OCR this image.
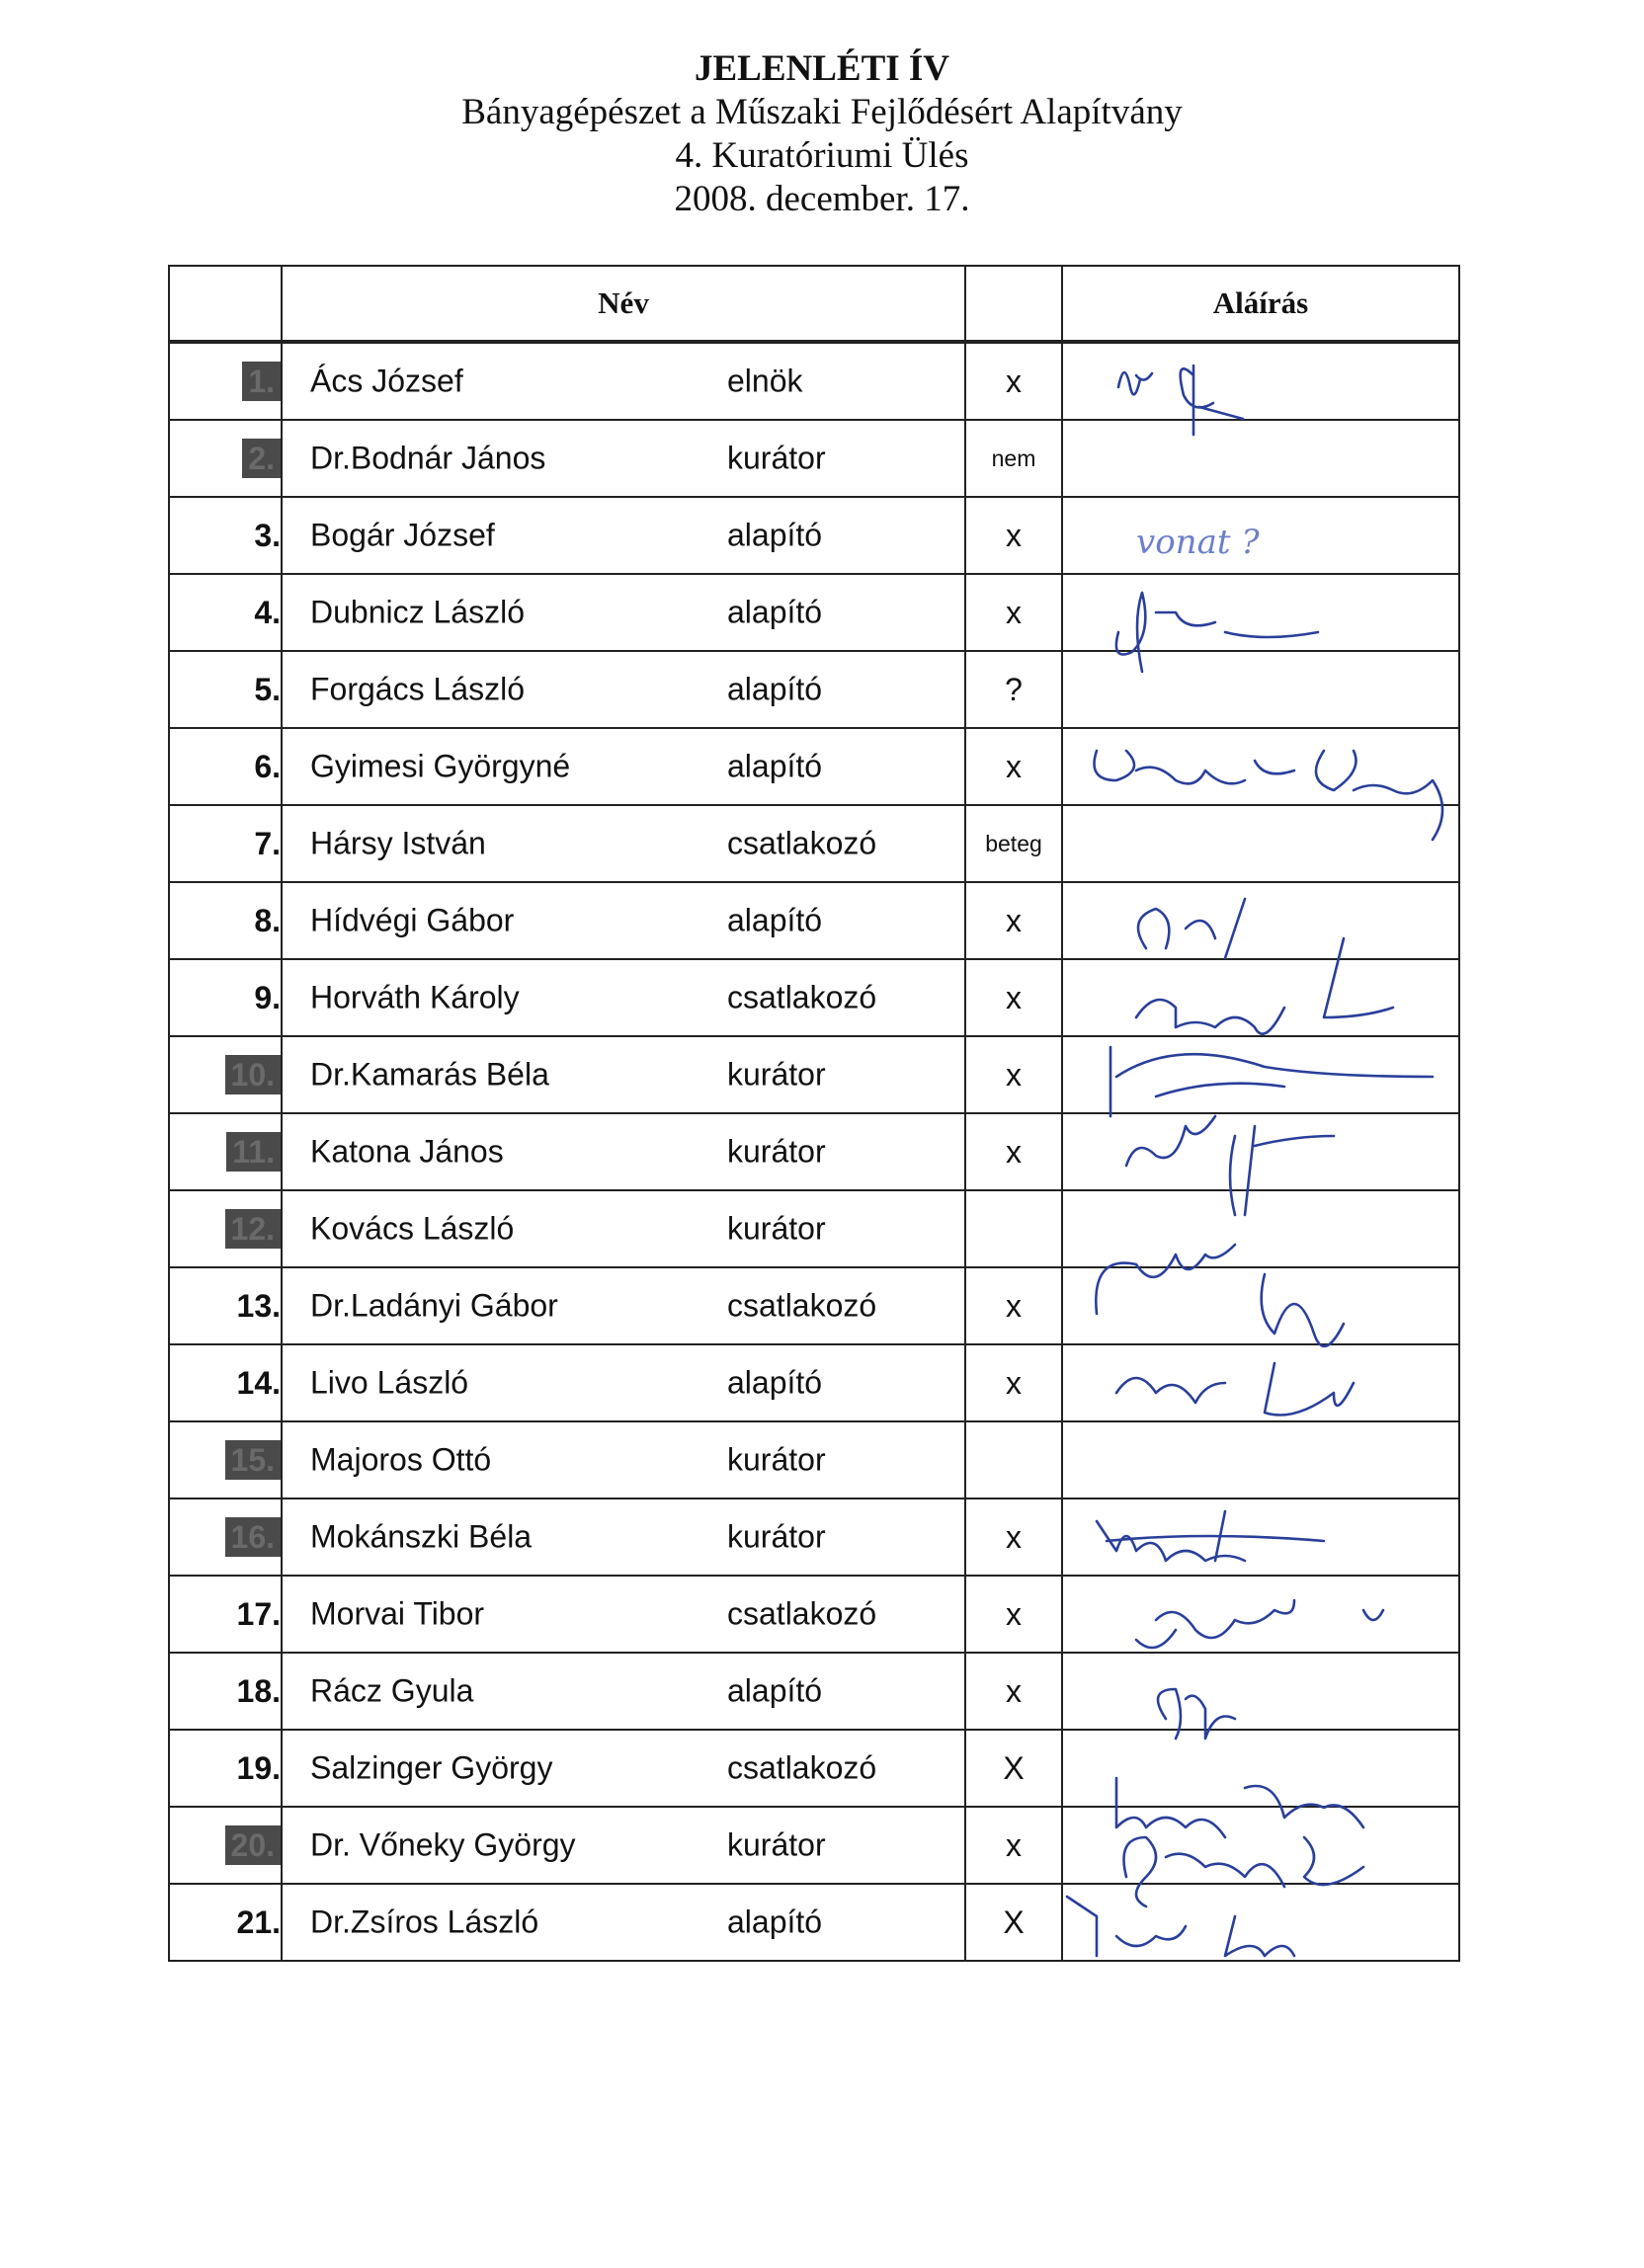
JELENLÉTI ÍV
Bányagépészet a Műszaki Fejlődésért Alapítvány
4. Kuratóriumi Ülés
2008. december. 17.
	Név		Aláírás
1.	Ács József elnök	x	
2.	Dr.Bodnár János kurátor	nem	
3.	Bogár József alapító	x	
4.	Dubnicz László alapító	x	
5.	Forgács László alapító	?	
6.	Gyimesi Györgyné alapító	x	
7.	Hársy István csatlakozó	beteg	
8.	Hídvégi Gábor alapító	x	
9.	Horváth Károly csatlakozó	x	
10.	Dr.Kamarás Béla kurátor	x	
11.	Katona János kurátor	x	
12.	Kovács László kurátor		

13.	Dr.Ladányi Gábor csatlakozó	x	
14.	Livo László alapító	x	
15.	Majoros Ottó kurátor		

16.	Mokánszki Béla kurátor	x	
17.	Morvai Tibor csatlakozó	x	
18.	Rácz Gyula alapító	x	
19.	Salzinger György csatlakozó	X	
20.	Dr. Vőneky György kurátor	x	
21.	Dr.Zsíros László alapító	X	
vonat ?
